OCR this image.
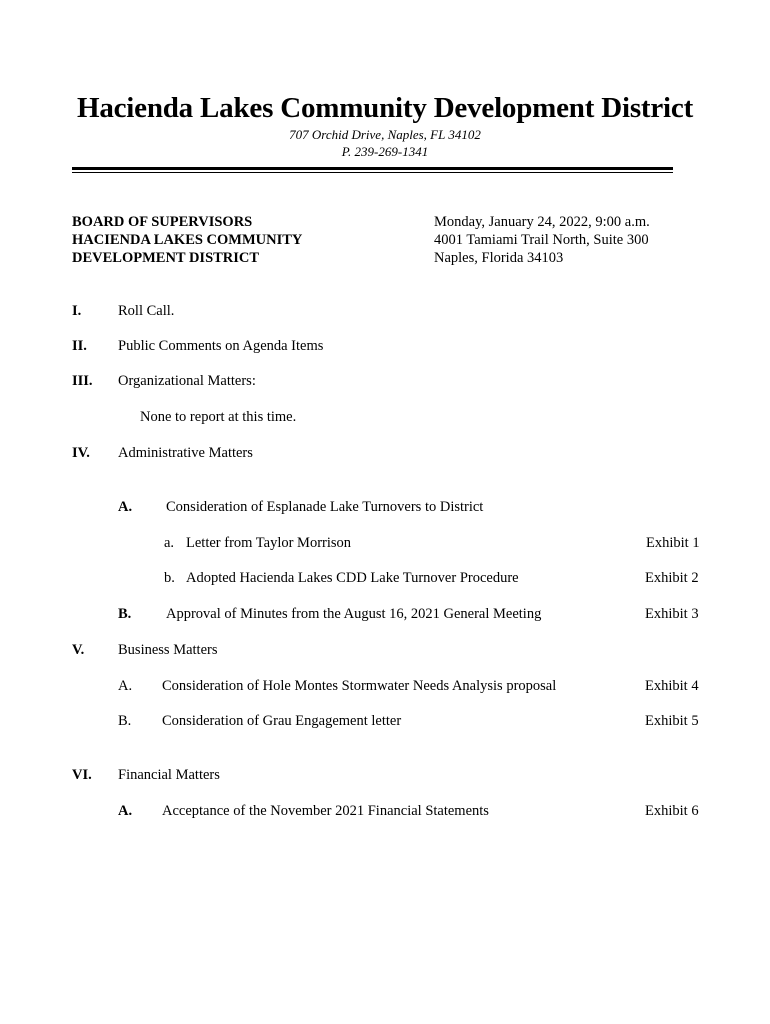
Hacienda Lakes Community Development District
707 Orchid Drive, Naples, FL 34102
P. 239-269-1341
BOARD OF SUPERVISORS
HACIENDA LAKES COMMUNITY
DEVELOPMENT DISTRICT
Monday, January 24, 2022, 9:00 a.m.
4001 Tamiami Trail North, Suite 300
Naples, Florida 34103
I.	Roll Call.
II. Public Comments on Agenda Items
III. Organizational Matters:
None to report at this time.
IV. Administrative Matters
A. Consideration of Esplanade Lake Turnovers to District
a. Letter from Taylor Morrison	Exhibit 1
b. Adopted Hacienda Lakes CDD Lake Turnover Procedure	Exhibit 2
B. Approval of Minutes from the August 16, 2021 General Meeting	Exhibit 3
V. Business Matters
A. Consideration of Hole Montes Stormwater Needs Analysis proposal	Exhibit 4
B. Consideration of Grau Engagement letter	Exhibit 5
VI. Financial Matters
A. Acceptance of the November 2021 Financial Statements	Exhibit 6
